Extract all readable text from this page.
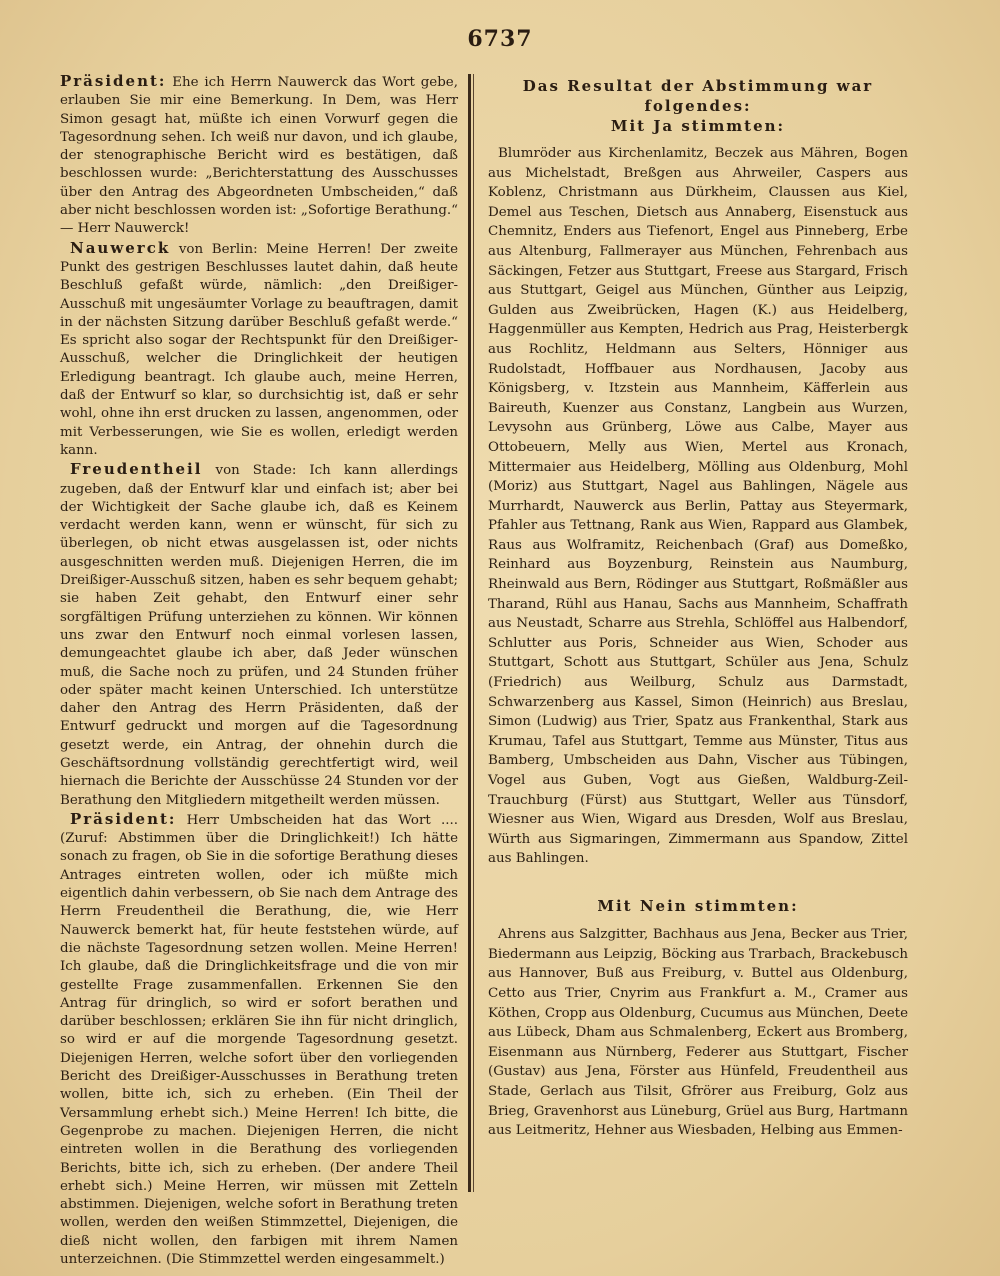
6737

Präsident: Ehe ich Herrn Nauwerck das Wort gebe, erlauben Sie mir eine Bemerkung. In Dem, was Herr Simon gesagt hat, müßte ich einen Vorwurf gegen die Tagesordnung sehen. Ich weiß nur davon, und ich glaube, der stenographische Bericht wird es bestätigen, daß beschlossen wurde: „Berichterstattung des Ausschusses über den Antrag des Abgeordneten Umbscheiden,“ daß aber nicht beschlossen worden ist: „Sofortige Berathung.“ — Herr Nauwerck!

Nauwerck von Berlin: Meine Herren! Der zweite Punkt des gestrigen Beschlusses lautet dahin, daß heute Beschluß gefaßt würde, nämlich: „den Dreißiger-Ausschuß mit ungesäumter Vorlage zu beauftragen, damit in der nächsten Sitzung darüber Beschluß gefaßt werde.“ Es spricht also sogar der Rechtspunkt für den Dreißiger-Ausschuß, welcher die Dringlichkeit der heutigen Erledigung beantragt. Ich glaube auch, meine Herren, daß der Entwurf so klar, so durchsichtig ist, daß er sehr wohl, ohne ihn erst drucken zu lassen, angenommen, oder mit Verbesserungen, wie Sie es wollen, erledigt werden kann.

Freudentheil von Stade: Ich kann allerdings zugeben, daß der Entwurf klar und einfach ist; aber bei der Wichtigkeit der Sache glaube ich, daß es Keinem verdacht werden kann, wenn er wünscht, für sich zu überlegen, ob nicht etwas ausgelassen ist, oder nichts ausgeschnitten werden muß. Diejenigen Herren, die im Dreißiger-Ausschuß sitzen, haben es sehr bequem gehabt; sie haben Zeit gehabt, den Entwurf einer sehr sorgfältigen Prüfung unterziehen zu können. Wir können uns zwar den Entwurf noch einmal vorlesen lassen, demungeachtet glaube ich aber, daß Jeder wünschen muß, die Sache noch zu prüfen, und 24 Stunden früher oder später macht keinen Unterschied. Ich unterstütze daher den Antrag des Herrn Präsidenten, daß der Entwurf gedruckt und morgen auf die Tagesordnung gesetzt werde, ein Antrag, der ohnehin durch die Geschäftsordnung vollständig gerechtfertigt wird, weil hiernach die Berichte der Ausschüsse 24 Stunden vor der Berathung den Mitgliedern mitgetheilt werden müssen.

Präsident: Herr Umbscheiden hat das Wort .... (Zuruf: Abstimmen über die Dringlichkeit!) Ich hätte sonach zu fragen, ob Sie in die sofortige Berathung dieses Antrages eintreten wollen, oder ich müßte mich eigentlich dahin verbessern, ob Sie nach dem Antrage des Herrn Freudentheil die Berathung, die, wie Herr Nauwerck bemerkt hat, für heute feststehen würde, auf die nächste Tagesordnung setzen wollen. Meine Herren! Ich glaube, daß die Dringlichkeitsfrage und die von mir gestellte Frage zusammenfallen. Erkennen Sie den Antrag für dringlich, so wird er sofort berathen und darüber beschlossen; erklären Sie ihn für nicht dringlich, so wird er auf die morgende Tagesordnung gesetzt. Diejenigen Herren, welche sofort über den vorliegenden Bericht des Dreißiger-Ausschusses in Berathung treten wollen, bitte ich, sich zu erheben. (Ein Theil der Versammlung erhebt sich.) Meine Herren! Ich bitte, die Gegenprobe zu machen. Diejenigen Herren, die nicht eintreten wollen in die Berathung des vorliegenden Berichts, bitte ich, sich zu erheben. (Der andere Theil erhebt sich.) Meine Herren, wir müssen mit Zetteln abstimmen. Diejenigen, welche sofort in Berathung treten wollen, werden den weißen Stimmzettel, Diejenigen, die dieß nicht wollen, den farbigen mit ihrem Namen unterzeichnen. (Die Stimmzettel werden eingesammelt.)

Das Resultat der Abstimmung war folgendes:
Mit Ja stimmten:

Blumröder aus Kirchenlamitz, Beczek aus Mähren, Bogen aus Michelstadt, Breßgen aus Ahrweiler, Caspers aus Koblenz, Christmann aus Dürkheim, Claussen aus Kiel, Demel aus Teschen, Dietsch aus Annaberg, Eisenstuck aus Chemnitz, Enders aus Tiefenort, Engel aus Pinneberg, Erbe aus Altenburg, Fallmerayer aus München, Fehrenbach aus Säckingen, Fetzer aus Stuttgart, Freese aus Stargard, Frisch aus Stuttgart, Geigel aus München, Günther aus Leipzig, Gulden aus Zweibrücken, Hagen (K.) aus Heidelberg, Haggenmüller aus Kempten, Hedrich aus Prag, Heisterbergk aus Rochlitz, Heldmann aus Selters, Hönniger aus Rudolstadt, Hoffbauer aus Nordhausen, Jacoby aus Königsberg, v. Itzstein aus Mannheim, Käfferlein aus Baireuth, Kuenzer aus Constanz, Langbein aus Wurzen, Levysohn aus Grünberg, Löwe aus Calbe, Mayer aus Ottobeuern, Melly aus Wien, Mertel aus Kronach, Mittermaier aus Heidelberg, Mölling aus Oldenburg, Mohl (Moriz) aus Stuttgart, Nagel aus Bahlingen, Nägele aus Murrhardt, Nauwerck aus Berlin, Pattay aus Steyermark, Pfahler aus Tettnang, Rank aus Wien, Rappard aus Glambek, Raus aus Wolframitz, Reichenbach (Graf) aus Domeßko, Reinhard aus Boyzenburg, Reinstein aus Naumburg, Rheinwald aus Bern, Rödinger aus Stuttgart, Roßmäßler aus Tharand, Rühl aus Hanau, Sachs aus Mannheim, Schaffrath aus Neustadt, Scharre aus Strehla, Schlöffel aus Halbendorf, Schlutter aus Poris, Schneider aus Wien, Schoder aus Stuttgart, Schott aus Stuttgart, Schüler aus Jena, Schulz (Friedrich) aus Weilburg, Schulz aus Darmstadt, Schwarzenberg aus Kassel, Simon (Heinrich) aus Breslau, Simon (Ludwig) aus Trier, Spatz aus Frankenthal, Stark aus Krumau, Tafel aus Stuttgart, Temme aus Münster, Titus aus Bamberg, Umbscheiden aus Dahn, Vischer aus Tübingen, Vogel aus Guben, Vogt aus Gießen, Waldburg-Zeil-Trauchburg (Fürst) aus Stuttgart, Weller aus Tünsdorf, Wiesner aus Wien, Wigard aus Dresden, Wolf aus Breslau, Würth aus Sigmaringen, Zimmermann aus Spandow, Zittel aus Bahlingen.

Mit Nein stimmten:

Ahrens aus Salzgitter, Bachhaus aus Jena, Becker aus Trier, Biedermann aus Leipzig, Böcking aus Trarbach, Brackebusch aus Hannover, Buß aus Freiburg, v. Buttel aus Oldenburg, Cetto aus Trier, Cnyrim aus Frankfurt a. M., Cramer aus Köthen, Cropp aus Oldenburg, Cucumus aus München, Deete aus Lübeck, Dham aus Schmalenberg, Eckert aus Bromberg, Eisenmann aus Nürnberg, Federer aus Stuttgart, Fischer (Gustav) aus Jena, Förster aus Hünfeld, Freudentheil aus Stade, Gerlach aus Tilsit, Gfrörer aus Freiburg, Golz aus Brieg, Gravenhorst aus Lüneburg, Grüel aus Burg, Hartmann aus Leitmeritz, Hehner aus Wiesbaden, Helbing aus Emmen-
